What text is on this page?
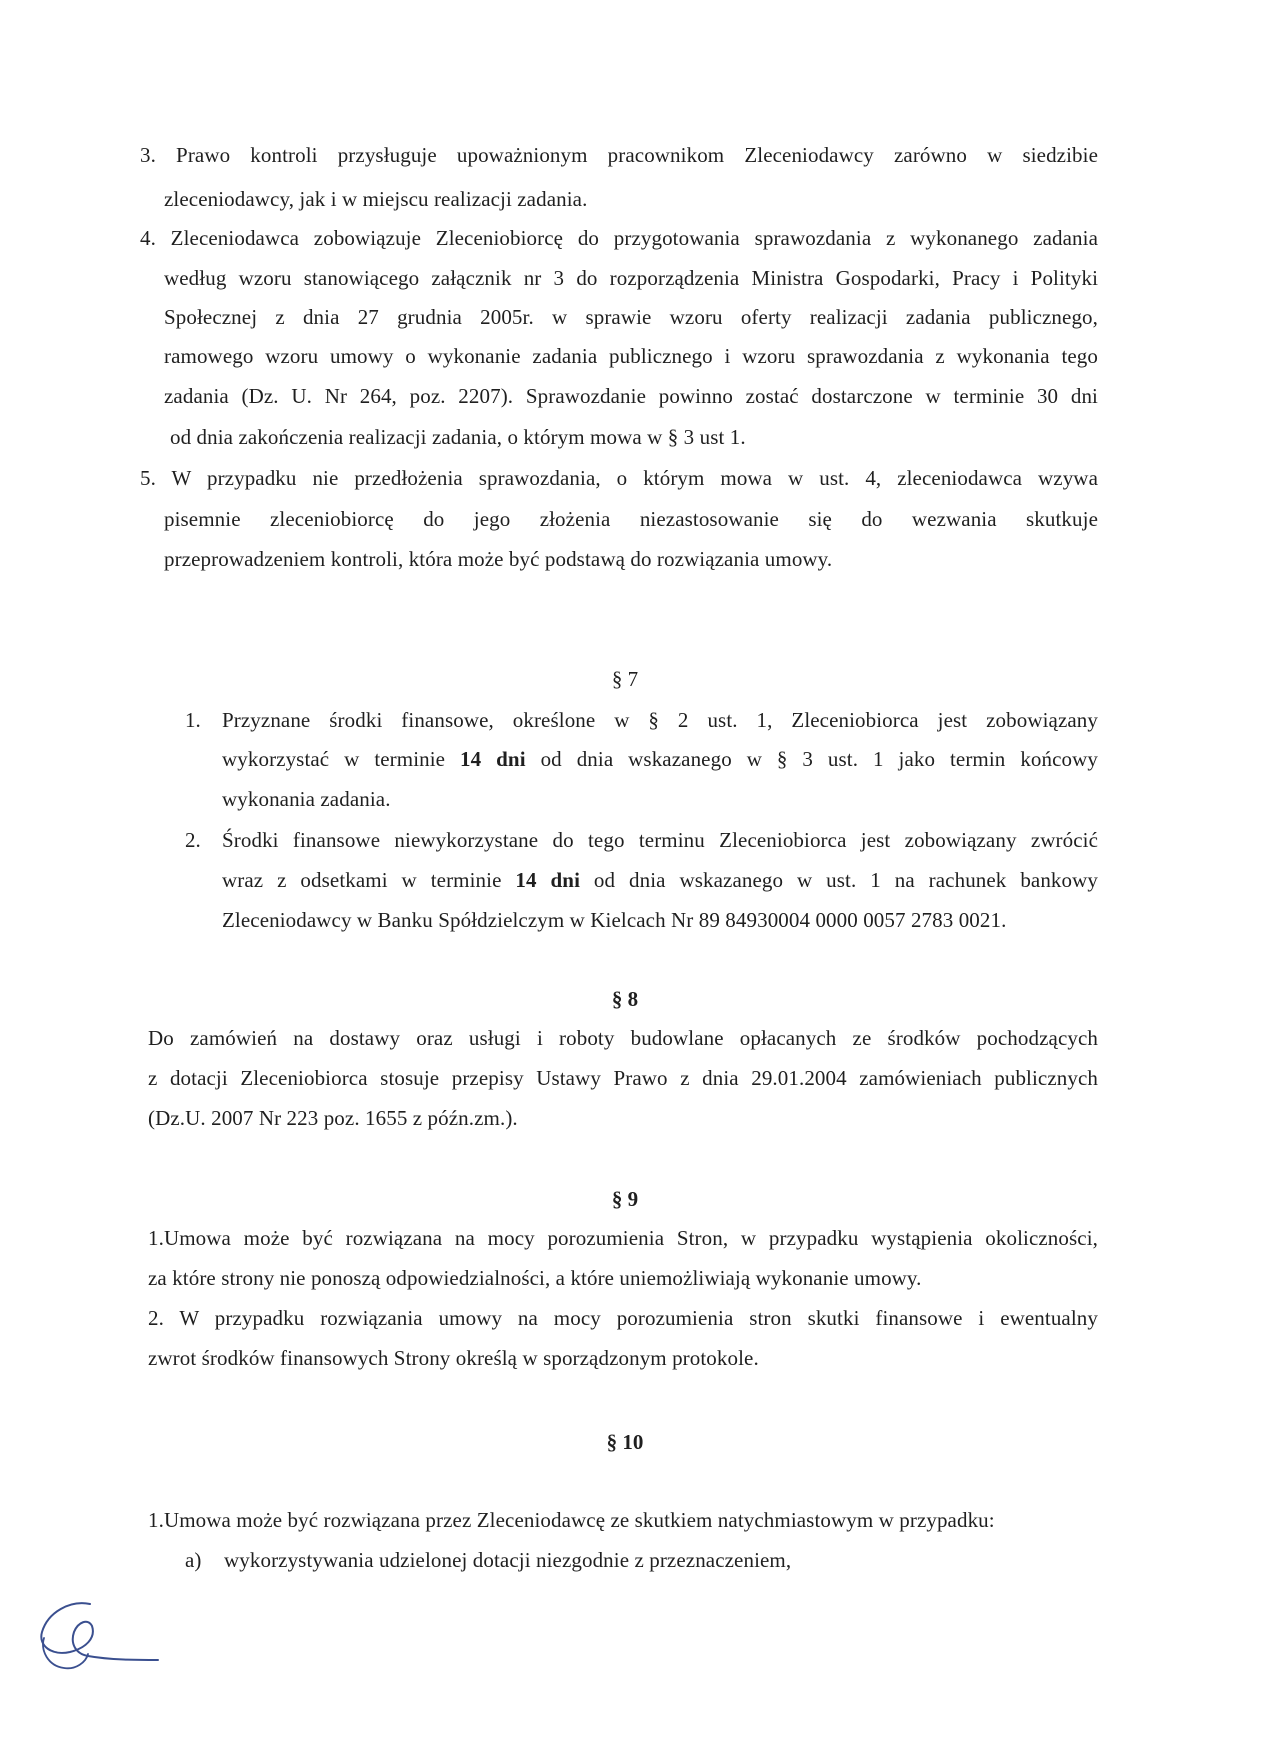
3. Prawo kontroli przysługuje upoważnionym pracownikom Zleceniodawcy zarówno w siedzibie
zleceniodawcy, jak i w miejscu realizacji zadania.
4. Zleceniodawca zobowiązuje Zleceniobiorcę do przygotowania sprawozdania z wykonanego zadania
według wzoru stanowiącego załącznik nr 3 do rozporządzenia Ministra Gospodarki, Pracy i Polityki
Społecznej z dnia 27 grudnia 2005r. w sprawie wzoru oferty realizacji zadania publicznego,
ramowego wzoru umowy o wykonanie zadania publicznego i wzoru sprawozdania z wykonania tego
zadania (Dz. U. Nr 264, poz. 2207). Sprawozdanie powinno zostać dostarczone w terminie 30 dni
od dnia zakończenia realizacji zadania, o którym mowa w § 3 ust 1.
5. W przypadku nie przedłożenia sprawozdania, o którym mowa w ust. 4, zleceniodawca wzywa
pisemnie zleceniobiorcę do jego złożenia niezastosowanie się do wezwania skutkuje
przeprowadzeniem kontroli, która może być podstawą do rozwiązania umowy.
§ 7
1. Przyznane środki finansowe, określone w § 2 ust. 1, Zleceniobiorca jest zobowiązany
wykorzystać w terminie 14 dni od dnia wskazanego w § 3 ust. 1 jako termin końcowy
wykonania zadania.
2. Środki finansowe niewykorzystane do tego terminu Zleceniobiorca jest zobowiązany zwrócić
wraz z odsetkami w terminie 14 dni od dnia wskazanego w ust. 1 na rachunek bankowy
Zleceniodawcy w Banku Spółdzielczym w Kielcach Nr 89 84930004 0000 0057 2783 0021.
§ 8
Do zamówień na dostawy oraz usługi i roboty budowlane opłacanych ze środków pochodzących
z dotacji Zleceniobiorca stosuje przepisy Ustawy Prawo z dnia 29.01.2004 zamówieniach publicznych
(Dz.U. 2007 Nr 223 poz. 1655 z późn.zm.).
§ 9
1.Umowa może być rozwiązana na mocy porozumienia Stron, w przypadku wystąpienia okoliczności,
za które strony nie ponoszą odpowiedzialności, a które uniemożliwiają wykonanie umowy.
2. W przypadku rozwiązania umowy na mocy porozumienia stron skutki finansowe i ewentualny
zwrot środków finansowych Strony określą w sporządzonym protokole.
§ 10
1.Umowa może być rozwiązana przez Zleceniodawcę ze skutkiem natychmiastowym w przypadku:
a) wykorzystywania udzielonej dotacji niezgodnie z przeznaczeniem,
